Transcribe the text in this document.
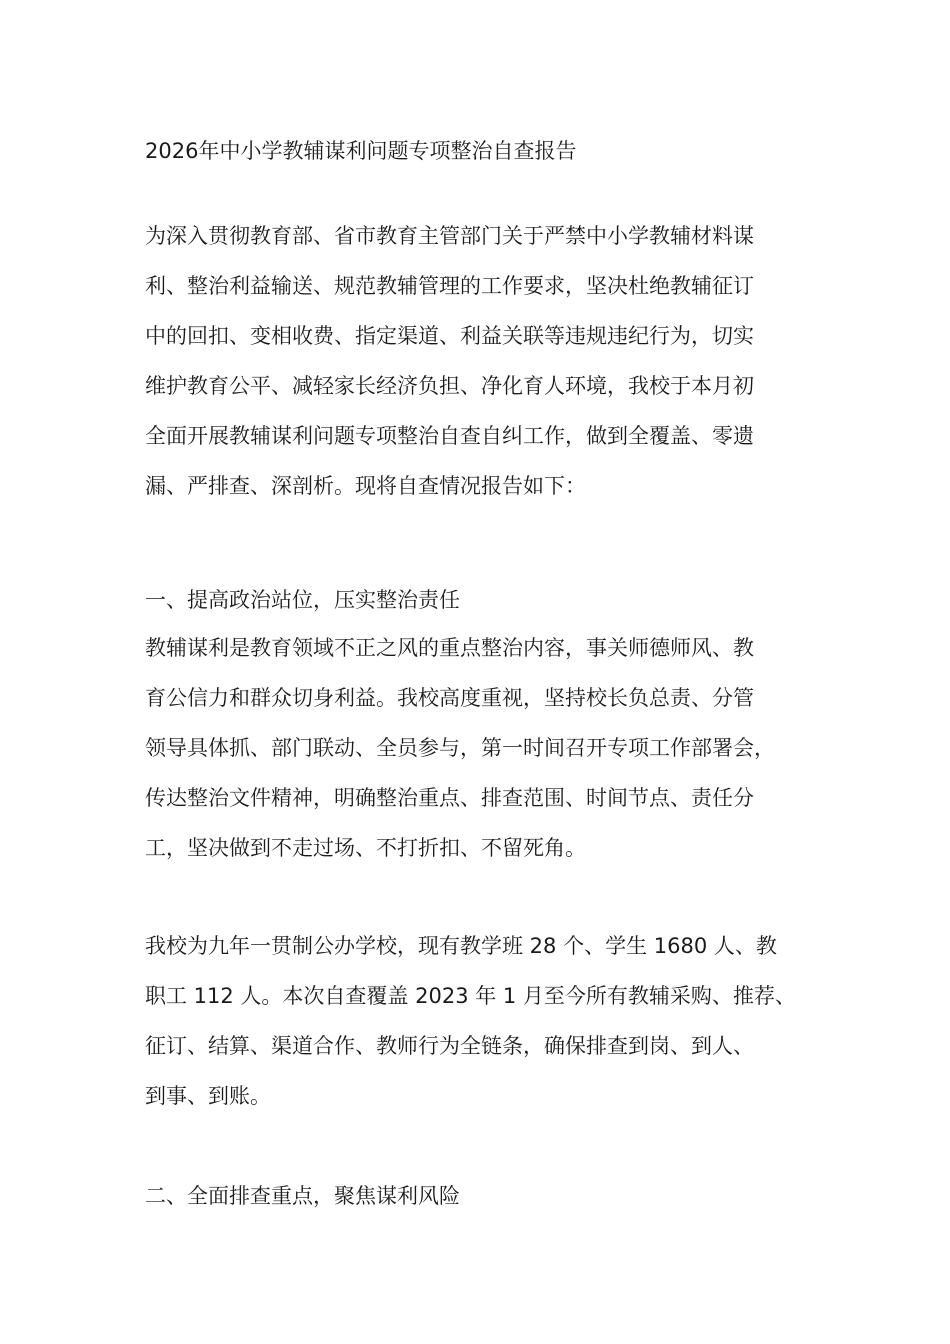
2026年中小学教辅谋利问题专项整治自查报告

为深入贯彻教育部、省市教育主管部门关于严禁中小学教辅材料谋
利、整治利益输送、规范教辅管理的工作要求，坚决杜绝教辅征订
中的回扣、变相收费、指定渠道、利益关联等违规违纪行为，切实
维护教育公平、减轻家长经济负担、净化育人环境，我校于本月初
全面开展教辅谋利问题专项整治自查自纠工作，做到全覆盖、零遗
漏、严排查、深剖析。现将自查情况报告如下：

一、提高政治站位，压实整治责任

教辅谋利是教育领域不正之风的重点整治内容，事关师德师风、教
育公信力和群众切身利益。我校高度重视，坚持校长负总责、分管
领导具体抓、部门联动、全员参与，第一时间召开专项工作部署会，
传达整治文件精神，明确整治重点、排查范围、时间节点、责任分
工，坚决做到不走过场、不打折扣、不留死角。

我校为九年一贯制公办学校，现有教学班 28 个、学生 1680 人、教
职工 112 人。本次自查覆盖 2023 年 1 月至今所有教辅采购、推荐、
征订、结算、渠道合作、教师行为全链条，确保排查到岗、到人、
到事、到账。

二、全面排查重点，聚焦谋利风险
